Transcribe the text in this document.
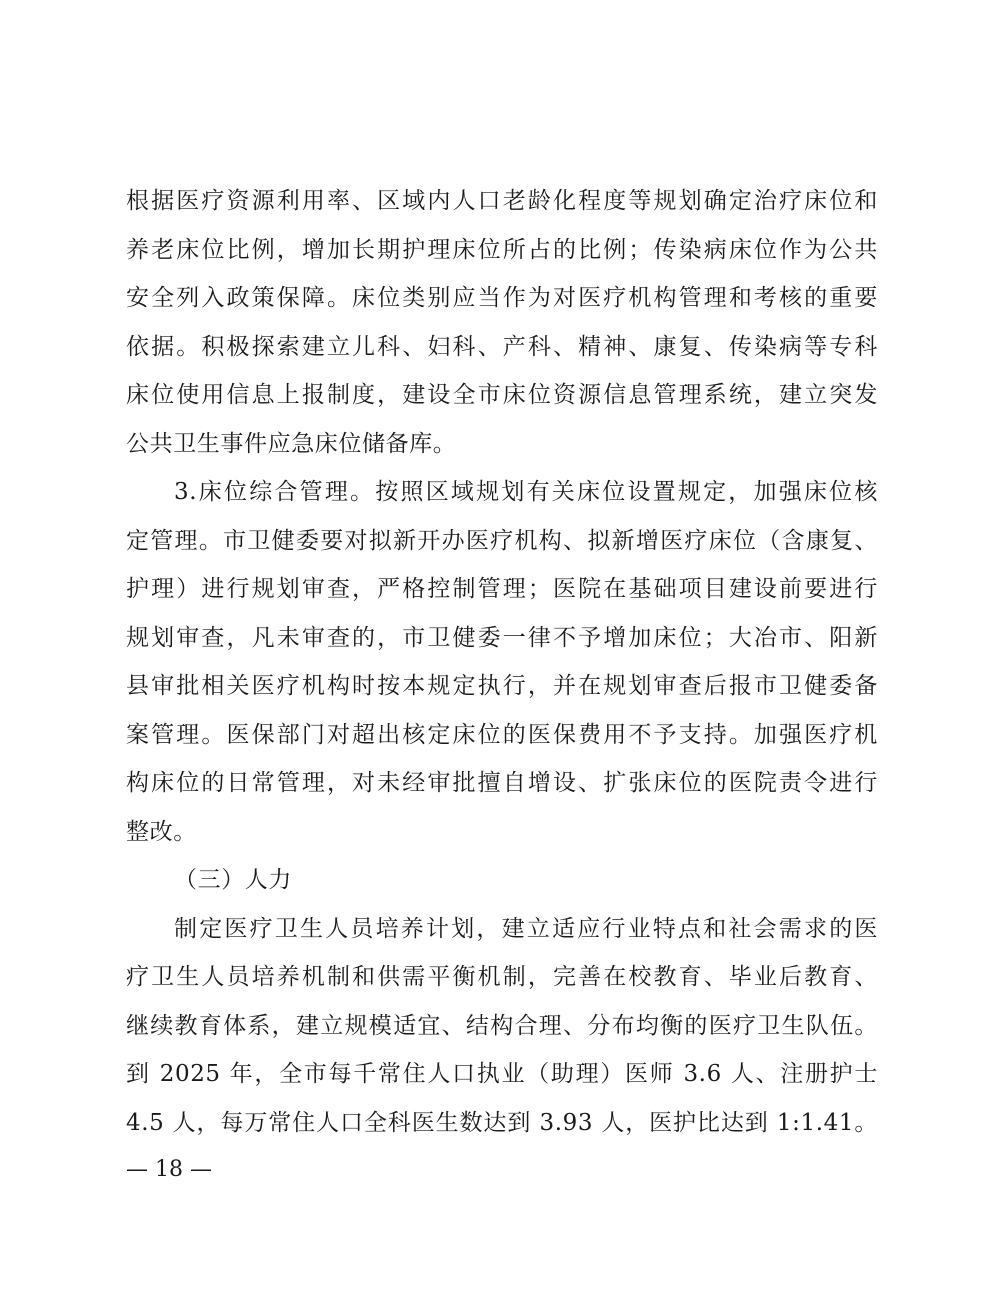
根据医疗资源利用率、区域内人口老龄化程度等规划确定治疗床位和
养老床位比例，增加长期护理床位所占的比例；传染病床位作为公共
安全列入政策保障。床位类别应当作为对医疗机构管理和考核的重要
依据。积极探索建立儿科、妇科、产科、精神、康复、传染病等专科
床位使用信息上报制度，建设全市床位资源信息管理系统，建立突发
公共卫生事件应急床位储备库。
3.床位综合管理。按照区域规划有关床位设置规定，加强床位核
定管理。市卫健委要对拟新开办医疗机构、拟新增医疗床位（含康复、
护理）进行规划审查，严格控制管理；医院在基础项目建设前要进行
规划审查，凡未审查的，市卫健委一律不予增加床位；大冶市、阳新
县审批相关医疗机构时按本规定执行，并在规划审查后报市卫健委备
案管理。医保部门对超出核定床位的医保费用不予支持。加强医疗机
构床位的日常管理，对未经审批擅自增设、扩张床位的医院责令进行
整改。
（三）人力
制定医疗卫生人员培养计划，建立适应行业特点和社会需求的医
疗卫生人员培养机制和供需平衡机制，完善在校教育、毕业后教育、
继续教育体系，建立规模适宜、结构合理、分布均衡的医疗卫生队伍。
到 2025 年，全市每千常住人口执业（助理）医师 3.6 人、注册护士
4.5 人，每万常住人口全科医生数达到 3.93 人，医护比达到 1:1.41。
— 18 —
